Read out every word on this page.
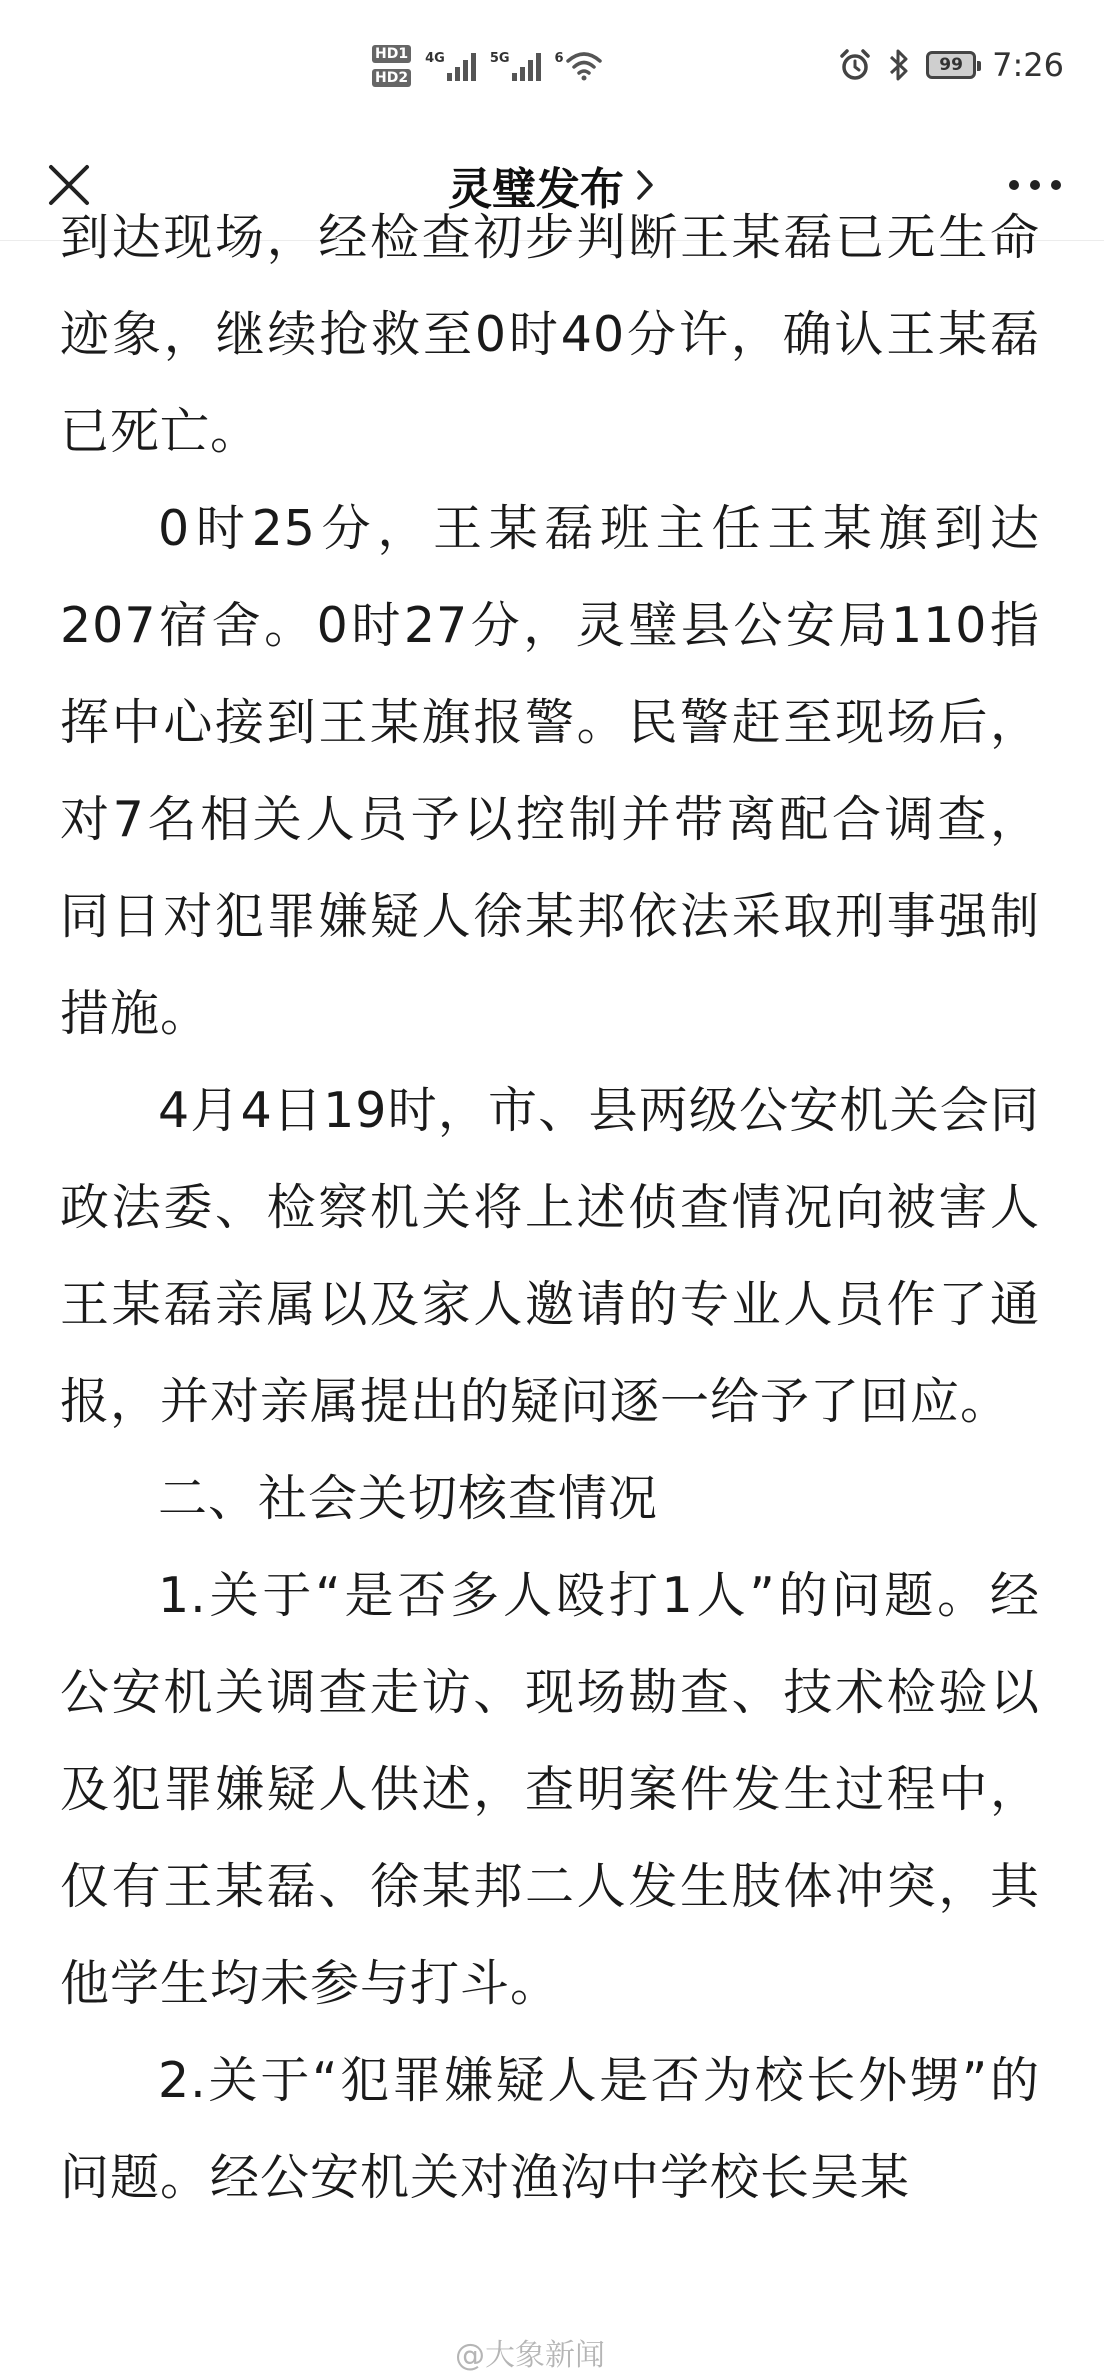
HD1
HD2
4G	5G	6	99 7:26
灵璧发布

到达现场，经检查初步判断王某磊已无生命迹象，继续抢救至0时40分许，确认王某磊已死亡。

0时25分，王某磊班主任王某旗到达207宿舍。0时27分，灵璧县公安局110指挥中心接到王某旗报警。民警赶至现场后，对7名相关人员予以控制并带离配合调查，同日对犯罪嫌疑人徐某邦依法采取刑事强制措施。

4月4日19时，市、县两级公安机关会同政法委、检察机关将上述侦查情况向被害人王某磊亲属以及家人邀请的专业人员作了通报，并对亲属提出的疑问逐一给予了回应。

二、社会关切核查情况

1.关于“是否多人殴打1人”的问题。经公安机关调查走访、现场勘查、技术检验以及犯罪嫌疑人供述，查明案件发生过程中，仅有王某磊、徐某邦二人发生肢体冲突，其他学生均未参与打斗。

2.关于“犯罪嫌疑人是否为校长外甥”的问题。经公安机关对渔沟中学校长吴某

@大象新闻
